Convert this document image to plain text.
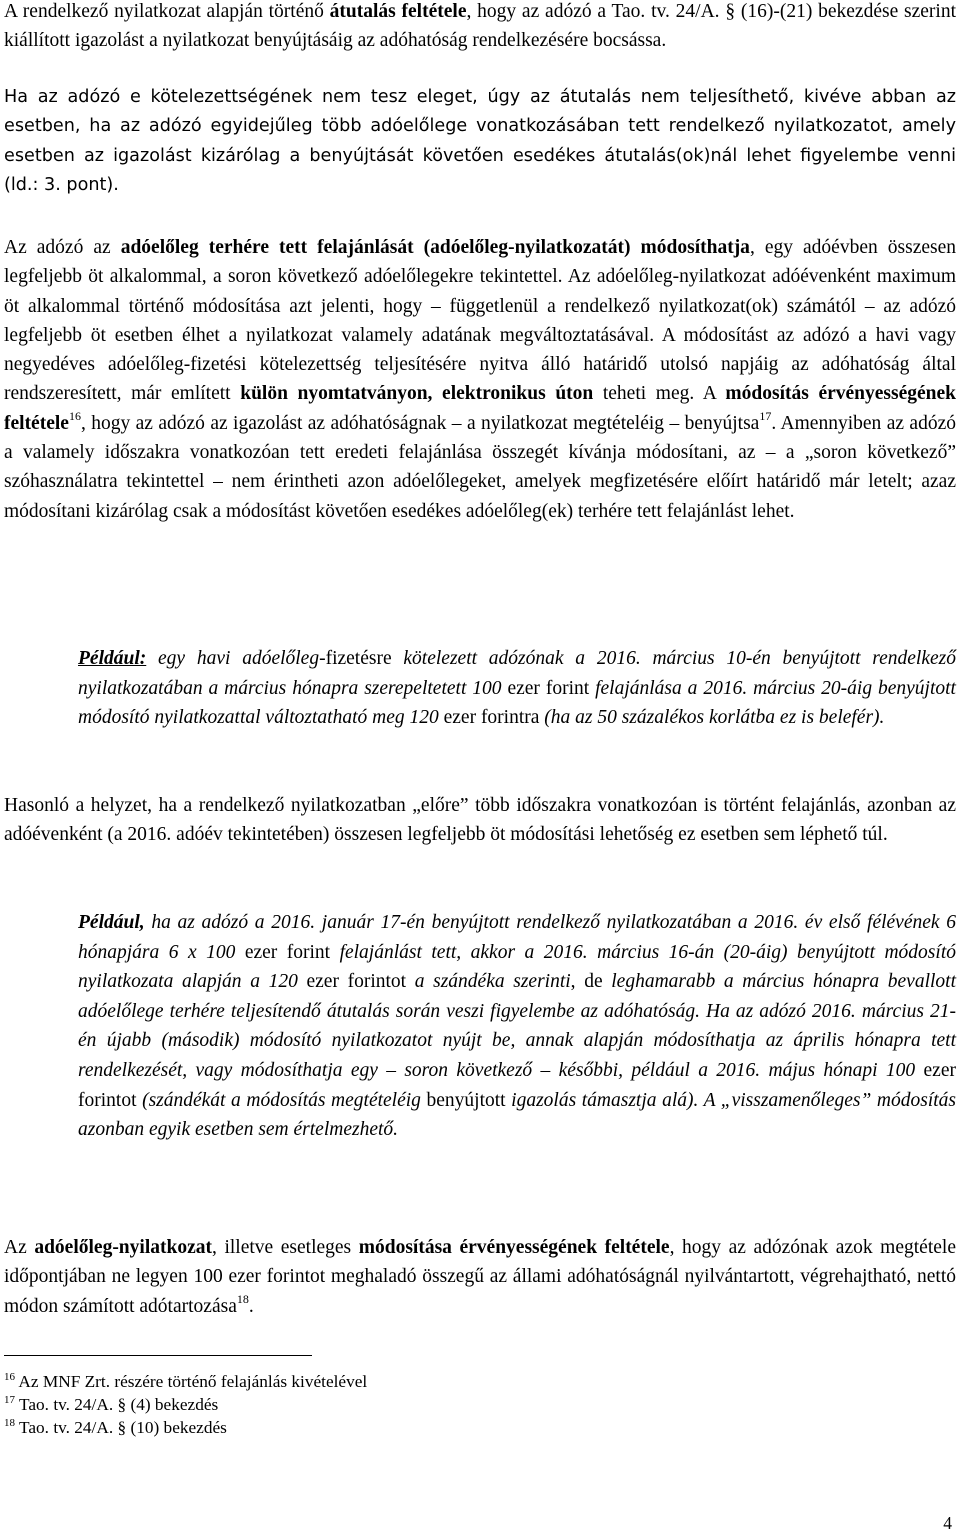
A rendelkező nyilatkozat alapján történő átutalás feltétele, hogy az adózó a Tao. tv. 24/A. § (16)-(21) bekezdése szerint kiállított igazolást a nyilatkozat benyújtásáig az adóhatóság rendelkezésére bocsássa.

Ha az adózó e kötelezettségének nem tesz eleget, úgy az átutalás nem teljesíthető, kivéve abban az esetben, ha az adózó egyidejűleg több adóelőlege vonatkozásában tett rendelkező nyilatkozatot, amely esetben az igazolást kizárólag a benyújtását követően esedékes átutalás(ok)nál lehet figyelembe venni (ld.: 3. pont).

Az adózó az adóelőleg terhére tett felajánlását (adóelőleg-nyilatkozatát) módosíthatja, egy adóévben összesen legfeljebb öt alkalommal, a soron következő adóelőlegekre tekintettel. Az adóelőleg-nyilatkozat adóévenként maximum öt alkalommal történő módosítása azt jelenti, hogy ‒ függetlenül a rendelkező nyilatkozat(ok) számától ‒ az adózó legfeljebb öt esetben élhet a nyilatkozat valamely adatának megváltoztatásával. A módosítást az adózó a havi vagy negyedéves adóelőleg-fizetési kötelezettség teljesítésére nyitva álló határidő utolsó napjáig az adóhatóság által rendszeresített, már említett külön nyomtatványon, elektronikus úton teheti meg. A módosítás érvényességének feltétele$^{16}$, hogy az adózó az igazolást az adóhatóságnak ‒ a nyilatkozat megtételéig ‒ benyújtsa$^{17}$. Amennyiben az adózó a valamely időszakra vonatkozóan tett eredeti felajánlása összegét kívánja módosítani, az ‒ a „soron következő” szóhasználatra tekintettel ‒ nem érintheti azon adóelőlegeket, amelyek megfizetésére előírt határidő már letelt; azaz módosítani kizárólag csak a módosítást követően esedékes adóelőleg(ek) terhére tett felajánlást lehet.

Például: egy havi adóelőleg-fizetésre kötelezett adózónak a 2016. március 10-én benyújtott rendelkező nyilatkozatában a március hónapra szerepeltetett 100 ezer forint felajánlása a 2016. március 20-áig benyújtott módosító nyilatkozattal változtatható meg 120 ezer forintra (ha az 50 százalékos korlátba ez is belefér).

Hasonló a helyzet, ha a rendelkező nyilatkozatban „előre” több időszakra vonatkozóan is történt felajánlás, azonban az adóévenként (a 2016. adóév tekintetében) összesen legfeljebb öt módosítási lehetőség ez esetben sem léphető túl.

Például, ha az adózó a 2016. január 17-én benyújtott rendelkező nyilatkozatában a 2016. év első félévének 6 hónapjára 6 x 100 ezer forint felajánlást tett, akkor a 2016. március 16-án (20-áig) benyújtott módosító nyilatkozata alapján a 120 ezer forintot a szándéka szerinti, de leghamarabb a március hónapra bevallott adóelőlege terhére teljesítendő átutalás során veszi figyelembe az adóhatóság. Ha az adózó 2016. március 21-én újabb (második) módosító nyilatkozatot nyújt be, annak alapján módosíthatja az április hónapra tett rendelkezését, vagy módosíthatja egy ‒ soron következő ‒ későbbi, például a 2016. május hónapi 100 ezer forintot (szándékát a módosítás megtételéig benyújtott igazolás támasztja alá). A „visszamenőleges” módosítás azonban egyik esetben sem értelmezhető.

Az adóelőleg-nyilatkozat, illetve esetleges módosítása érvényességének feltétele, hogy az adózónak azok megtétele időpontjában ne legyen 100 ezer forintot meghaladó összegű az állami adóhatóságnál nyilvántartott, végrehajtható, nettó módon számított adótartozása$^{18}$.

$^{16}$ Az MNF Zrt. részére történő felajánlás kivételével
$^{17}$ Tao. tv. 24/A. § (4) bekezdés
$^{18}$ Tao. tv. 24/A. § (10) bekezdés
4
